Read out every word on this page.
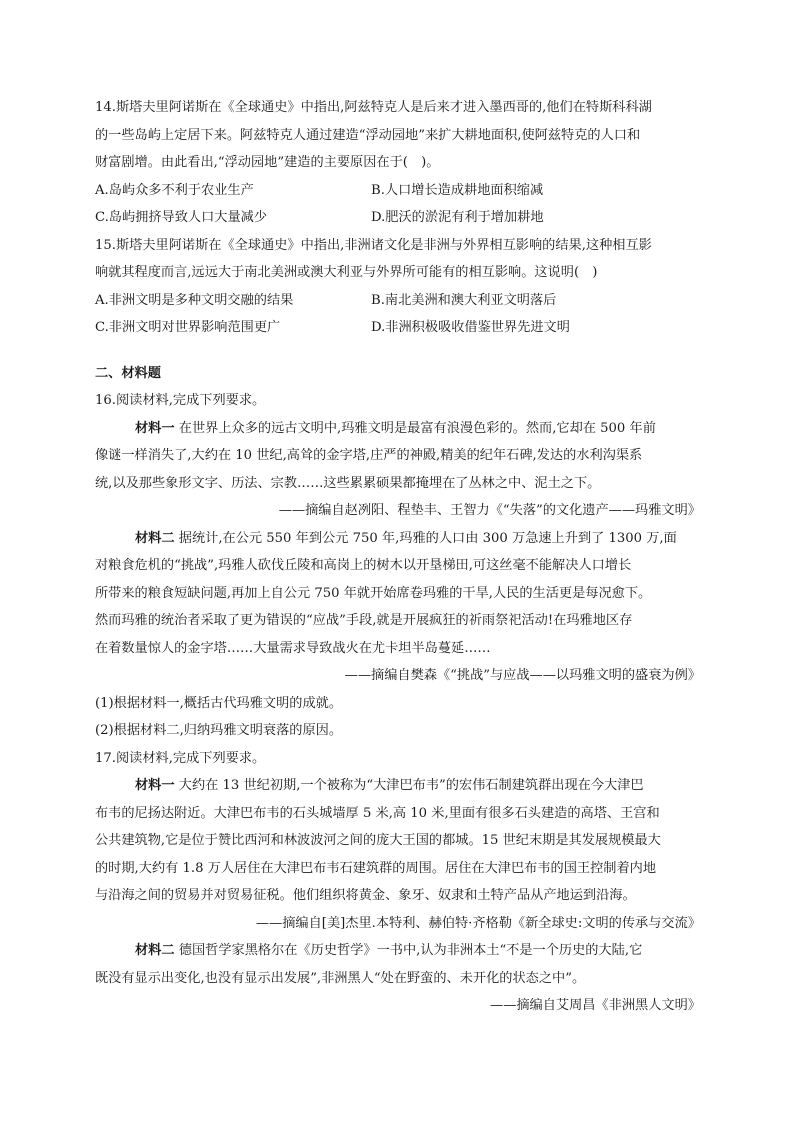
14.斯塔夫里阿诺斯在《全球通史》中指出,阿兹特克人是后来才进入墨西哥的,他们在特斯科科湖
的一些岛屿上定居下来。阿兹特克人通过建造“浮动园地”来扩大耕地面积,使阿兹特克的人口和
财富剧增。由此看出,“浮动园地”建造的主要原因在于(　)。
A.岛屿众多不利于农业生产	B.人口增长造成耕地面积缩减
C.岛屿拥挤导致人口大量减少	D.肥沃的淤泥有利于增加耕地
15.斯塔夫里阿诺斯在《全球通史》中指出,非洲诸文化是非洲与外界相互影响的结果,这种相互影
响就其程度而言,远远大于南北美洲或澳大利亚与外界所可能有的相互影响。这说明(　)
A.非洲文明是多种文明交融的结果	B.南北美洲和澳大利亚文明落后
C.非洲文明对世界影响范围更广	D.非洲积极吸收借鉴世界先进文明
二、材料题
16.阅读材料,完成下列要求。
材料一 在世界上众多的远古文明中,玛雅文明是最富有浪漫色彩的。然而,它却在 500 年前
像谜一样消失了,大约在 10 世纪,高耸的金字塔,庄严的神殿,精美的纪年石碑,发达的水利沟渠系
统,以及那些象形文字、历法、宗教……这些累累硕果都掩埋在了丛林之中、泥土之下。
——摘编自赵冽阳、程垫丰、王智力《“失落”的文化遗产——玛雅文明》
材料二 据统计,在公元 550 年到公元 750 年,玛雅的人口由 300 万急速上升到了 1300 万,面
对粮食危机的“挑战”,玛雅人砍伐丘陵和高岗上的树木以开垦梯田,可这丝毫不能解决人口增长
所带来的粮食短缺问题,再加上自公元 750 年就开始席卷玛雅的干旱,人民的生活更是每况愈下。
然而玛雅的统治者采取了更为错误的“应战”手段,就是开展疯狂的祈雨祭祀活动!在玛雅地区存
在着数量惊人的金字塔……大量需求导致战火在尤卡坦半岛蔓延……
——摘编自樊森《“挑战”与应战——以玛雅文明的盛衰为例》
(1)根据材料一,概括古代玛雅文明的成就。
(2)根据材料二,归纳玛雅文明衰落的原因。
17.阅读材料,完成下列要求。
材料一 大约在 13 世纪初期,一个被称为“大津巴布韦”的宏伟石制建筑群出现在今大津巴
布韦的尼扬达附近。大津巴布韦的石头城墙厚 5 米,高 10 米,里面有很多石头建造的高塔、王宫和
公共建筑物,它是位于赞比西河和林波波河之间的庞大王国的都城。15 世纪末期是其发展规模最大
的时期,大约有 1.8 万人居住在大津巴布韦石建筑群的周围。居住在大津巴布韦的国王控制着内地
与沿海之间的贸易并对贸易征税。他们组织将黄金、象牙、奴隶和土特产品从产地运到沿海。
——摘编自[美]杰里.本特利、赫伯特·齐格勒《新全球史:文明的传承与交流》
材料二 德国哲学家黑格尔在《历史哲学》一书中,认为非洲本土“不是一个历史的大陆,它
既没有显示出变化,也没有显示出发展”,非洲黑人“处在野蛮的、未开化的状态之中”。
——摘编自艾周昌《非洲黑人文明》
